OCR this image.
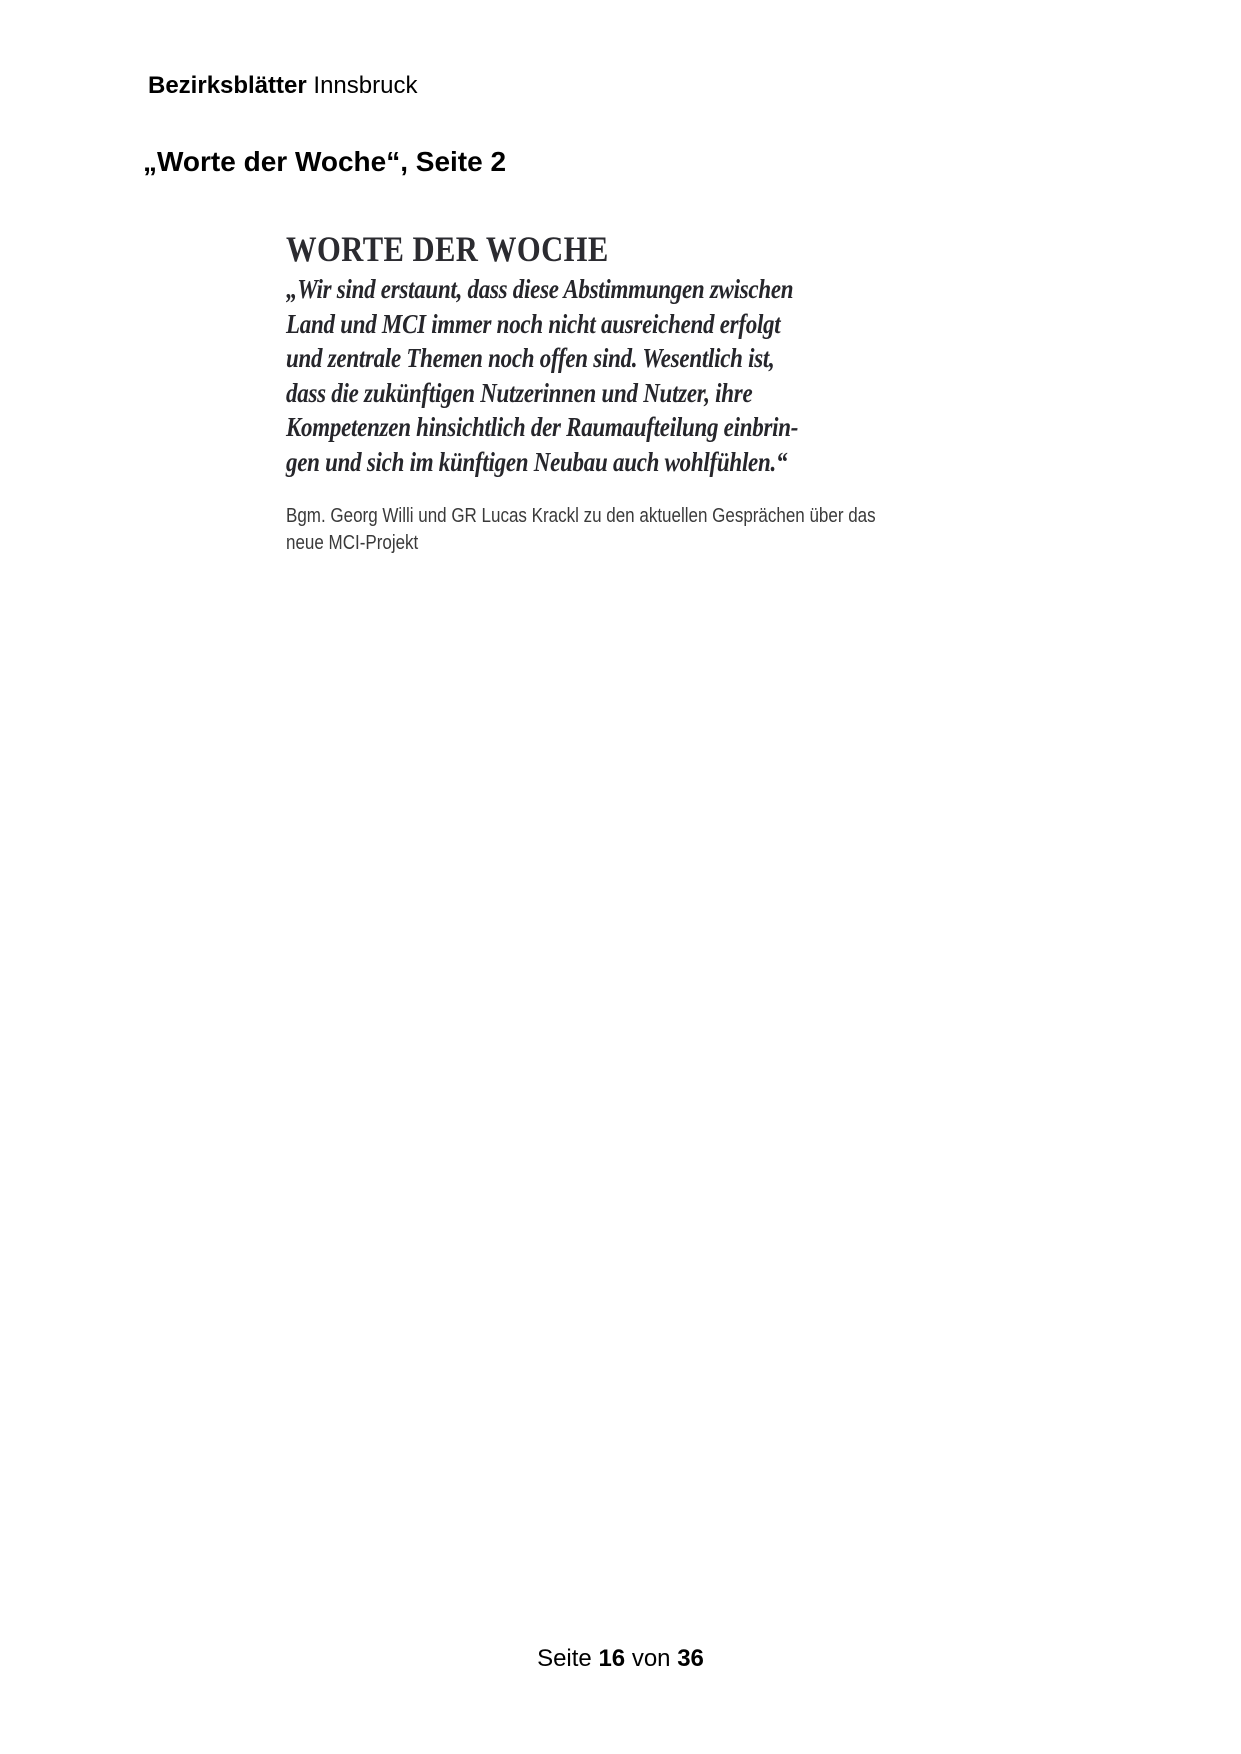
Bezirksblätter Innsbruck
„Worte der Woche“, Seite 2
WORTE DER WOCHE
„Wir sind erstaunt, dass diese Abstimmungen zwischen
Land und MCI immer noch nicht ausreichend erfolgt
und zentrale Themen noch offen sind. Wesentlich ist,
dass die zukünftigen Nutzerinnen und Nutzer, ihre
Kompetenzen hinsichtlich der Raumaufteilung einbrin-
gen und sich im künftigen Neubau auch wohlfühlen.“
Bgm. Georg Willi und GR Lucas Krackl zu den aktuellen Gesprächen über das
neue MCI-Projekt
Seite 16 von 36
